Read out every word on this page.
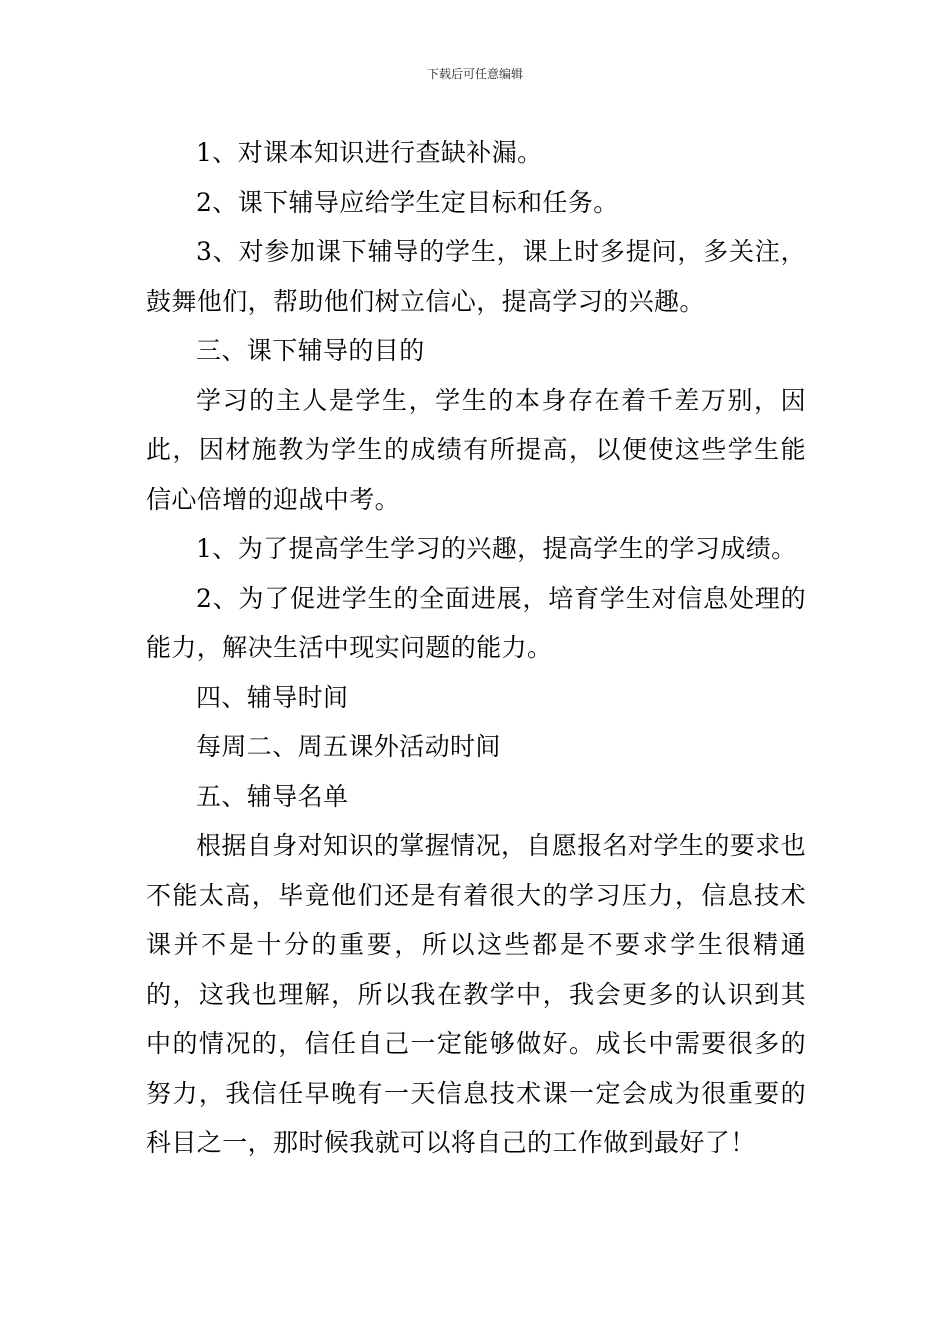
下载后可任意编辑

1、对课本知识进行查缺补漏。

2、课下辅导应给学生定目标和任务。

3、对参加课下辅导的学生，课上时多提问，多关注，鼓舞他们，帮助他们树立信心，提高学习的兴趣。

三、课下辅导的目的

学习的主人是学生，学生的本身存在着千差万别，因此，因材施教为学生的成绩有所提高，以便使这些学生能信心倍增的迎战中考。

1、为了提高学生学习的兴趣，提高学生的学习成绩。

2、为了促进学生的全面进展，培育学生对信息处理的能力，解决生活中现实问题的能力。

四、辅导时间

每周二、周五课外活动时间

五、辅导名单

根据自身对知识的掌握情况，自愿报名对学生的要求也不能太高，毕竟他们还是有着很大的学习压力，信息技术课并不是十分的重要，所以这些都是不要求学生很精通的，这我也理解，所以我在教学中，我会更多的认识到其中的情况的，信任自己一定能够做好。成长中需要很多的努力，我信任早晚有一天信息技术课一定会成为很重要的科目之一，那时候我就可以将自己的工作做到最好了！
